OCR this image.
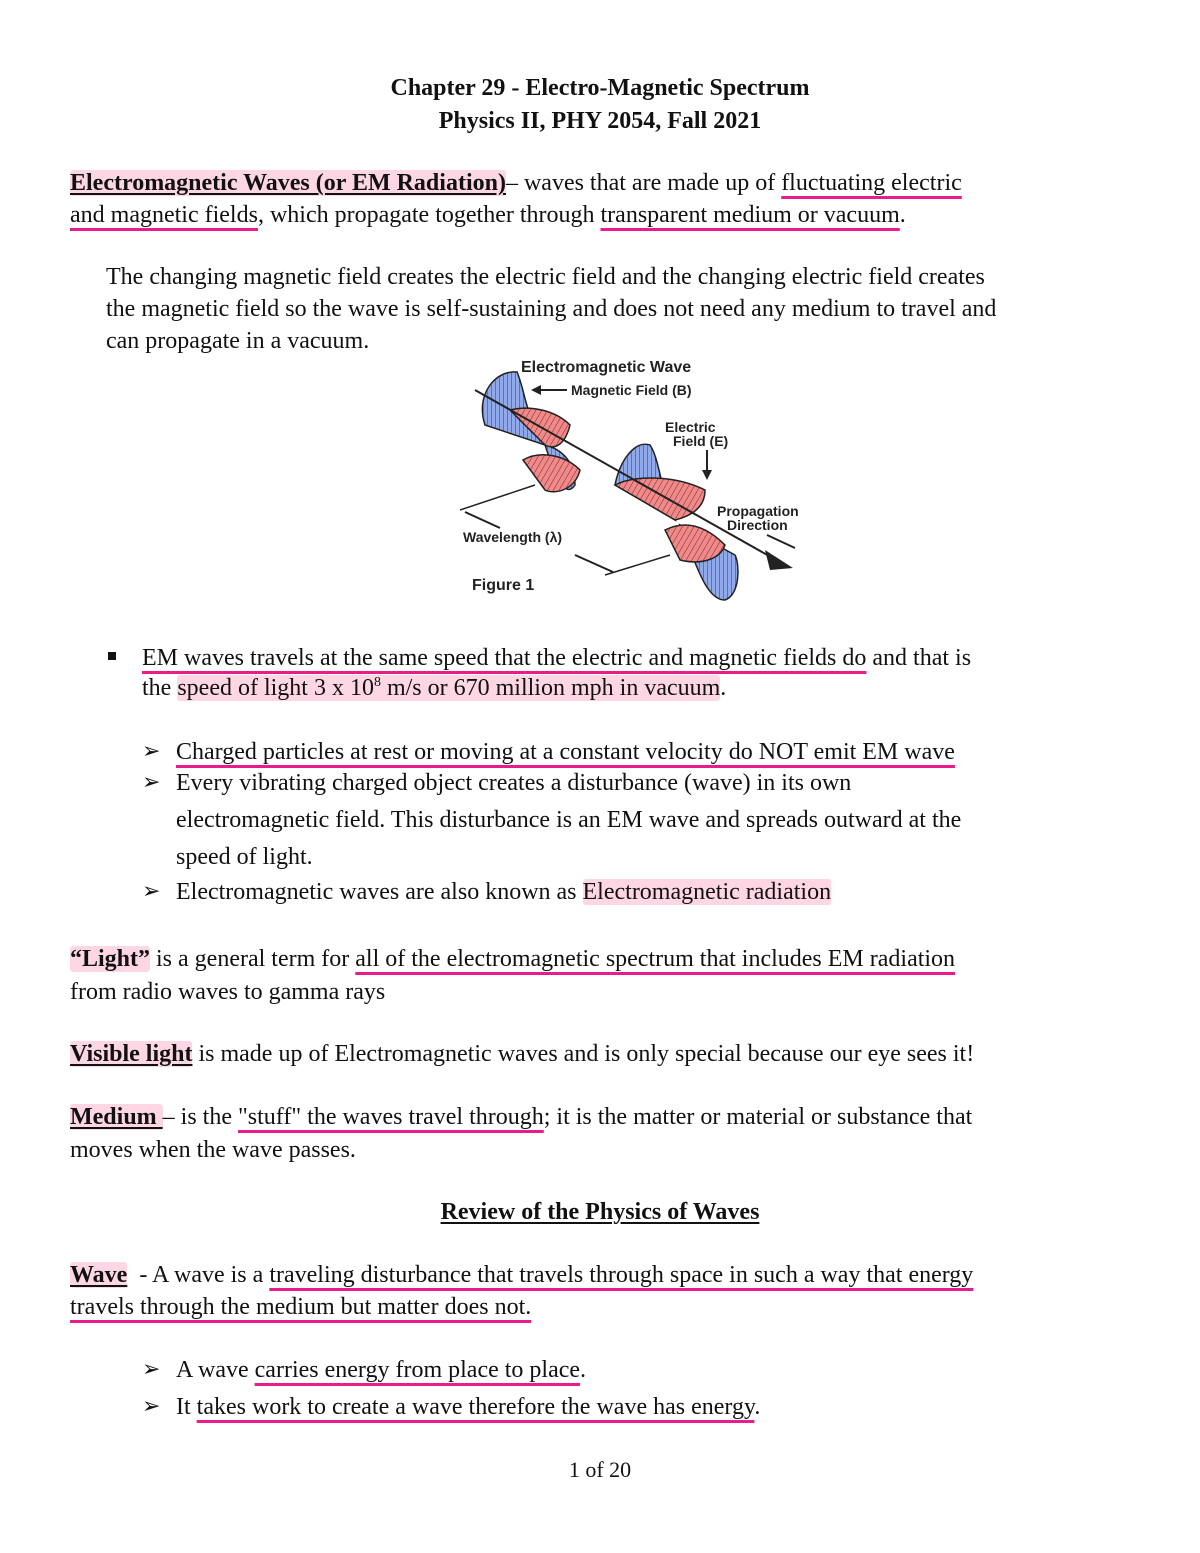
Chapter 29 - Electro-Magnetic Spectrum
Physics II, PHY 2054, Fall 2021
Electromagnetic Waves (or EM Radiation)– waves that are made up of fluctuating electric
and magnetic fields, which propagate together through transparent medium or vacuum.
The changing magnetic field creates the electric field and the changing electric field creates
the magnetic field so the wave is self-sustaining and does not need any medium to travel and
can propagate in a vacuum.
Electromagnetic Wave
Magnetic Field (B)
Electric
Field (E)
Propagation
Direction
Wavelength (λ)
Figure 1
EM waves travels at the same speed that the electric and magnetic fields do and that is
the speed of light 3 x $10^8$ m/s or 670 million mph in vacuum.
➢ Charged particles at rest or moving at a constant velocity do NOT emit EM wave
➢ Every vibrating charged object creates a disturbance (wave) in its own
electromagnetic field. This disturbance is an EM wave and spreads outward at the
speed of light.
➢ Electromagnetic waves are also known as Electromagnetic radiation
“Light” is a general term for all of the electromagnetic spectrum that includes EM radiation
from radio waves to gamma rays
Visible light is made up of Electromagnetic waves and is only special because our eye sees it!
Medium – is the "stuff" the waves travel through; it is the matter or material or substance that
moves when the wave passes.
Review of the Physics of Waves
Wave  - A wave is a traveling disturbance that travels through space in such a way that energy
travels through the medium but matter does not.
➢ A wave carries energy from place to place.
➢ It takes work to create a wave therefore the wave has energy.
1 of 20
